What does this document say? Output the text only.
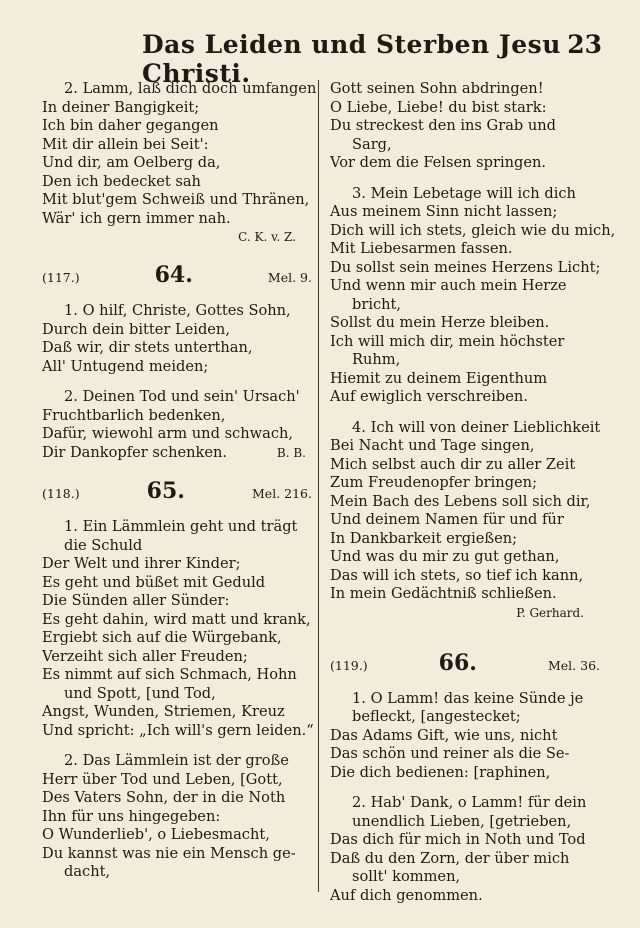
Das Leiden und Sterben Jesu Christi.
23
2. Lamm, laß dich doch umfangen
In deiner Bangigkeit;
Ich bin daher gegangen
Mit dir allein bei Seit':
Und dir, am Oelberg da,
Den ich bedecket sah
Mit blut'gem Schweiß und Thränen,
Wär' ich gern immer nah.
C. K. v. Z.
(117.)	64.	Mel. 9.
1. O hilf, Christe, Gottes Sohn,
Durch dein bitter Leiden,
Daß wir, dir stets unterthan,
All' Untugend meiden;
2. Deinen Tod und sein' Ursach'
Fruchtbarlich bedenken,
Dafür, wiewohl arm und schwach,
Dir Dankopfer schenken.	B. B.
(118.)	65.	Mel. 216.
1. Ein Lämmlein geht und trägt
die Schuld
Der Welt und ihrer Kinder;
Es geht und büßet mit Geduld
Die Sünden aller Sünder:
Es geht dahin, wird matt und krank,
Ergiebt sich auf die Würgebank,
Verzeiht sich aller Freuden;
Es nimmt auf sich Schmach, Hohn
und Spott, [und Tod,
Angst, Wunden, Striemen, Kreuz
Und spricht: „Ich will's gern leiden.“
2. Das Lämmlein ist der große
Herr über Tod und Leben, [Gott,
Des Vaters Sohn, der in die Noth
Ihn für uns hingegeben:
O Wunderlieb', o Liebesmacht,
Du kannst was nie ein Mensch ge-
dacht,
Gott seinen Sohn abdringen!
O Liebe, Liebe! du bist stark:
Du streckest den ins Grab und
Sarg,
Vor dem die Felsen springen.
3. Mein Lebetage will ich dich
Aus meinem Sinn nicht lassen;
Dich will ich stets, gleich wie du mich,
Mit Liebesarmen fassen.
Du sollst sein meines Herzens Licht;
Und wenn mir auch mein Herze
bricht,
Sollst du mein Herze bleiben.
Ich will mich dir, mein höchster
Ruhm,
Hiemit zu deinem Eigenthum
Auf ewiglich verschreiben.
4. Ich will von deiner Lieblichkeit
Bei Nacht und Tage singen,
Mich selbst auch dir zu aller Zeit
Zum Freudenopfer bringen;
Mein Bach des Lebens soll sich dir,
Und deinem Namen für und für
In Dankbarkeit ergießen;
Und was du mir zu gut gethan,
Das will ich stets, so tief ich kann,
In mein Gedächtniß schließen.
P. Gerhard.
(119.)	66.	Mel. 36.
1. O Lamm! das keine Sünde je
befleckt, [angestecket;
Das Adams Gift, wie uns, nicht
Das schön und reiner als die Se-
Die dich bedienen: [raphinen,
2. Hab' Dank, o Lamm! für dein
unendlich Lieben, [getrieben,
Das dich für mich in Noth und Tod
Daß du den Zorn, der über mich
sollt' kommen,
Auf dich genommen.
